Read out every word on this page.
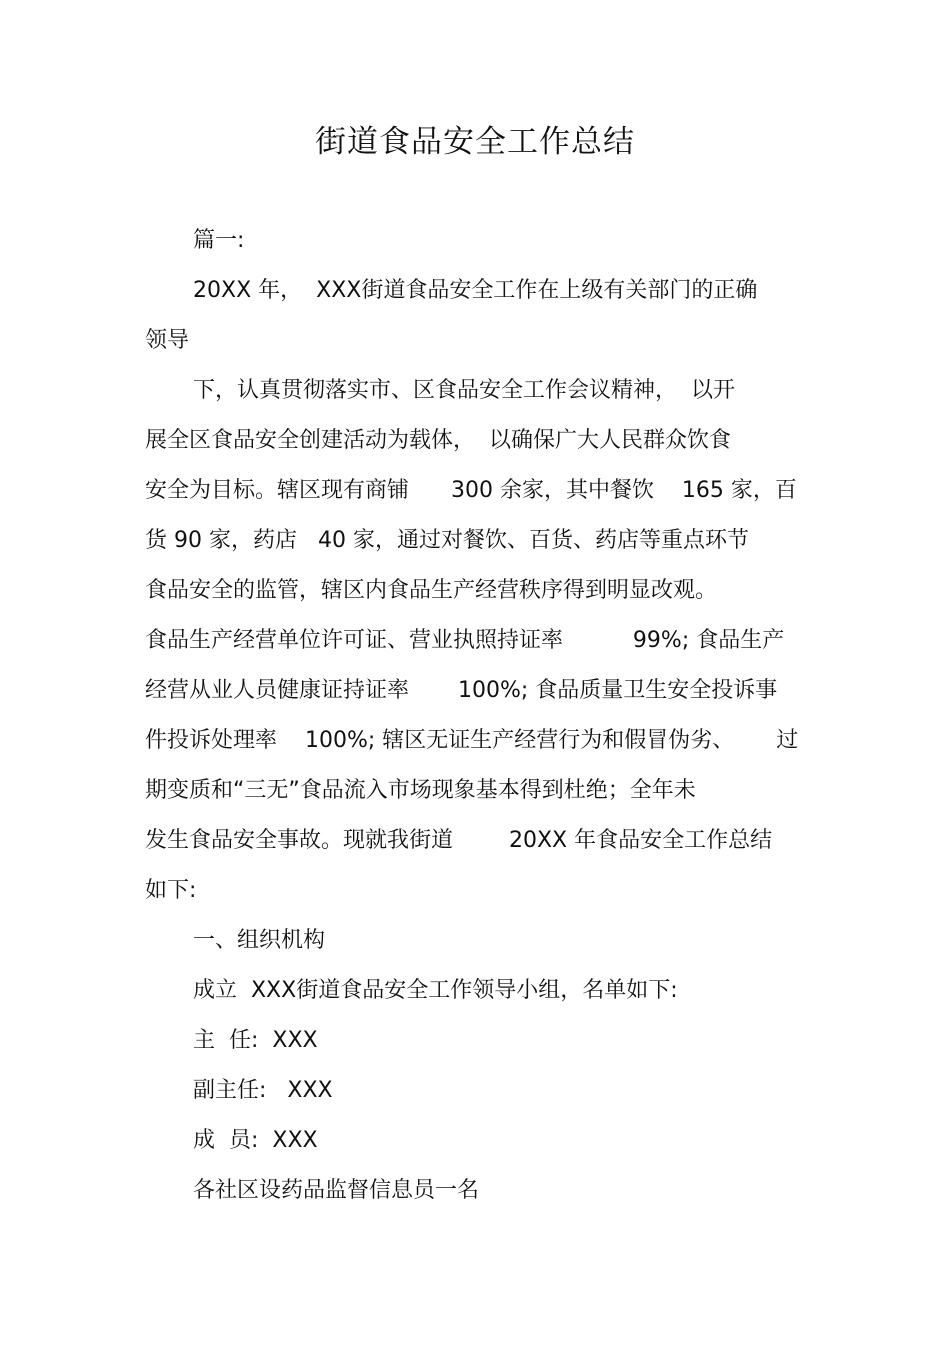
街道食品安全工作总结

篇一:

20XX 年，  XXX街道食品安全工作在上级有关部门的正确

领导

下，认真贯彻落实市、区食品安全工作会议精神，  以开

展全区食品安全创建活动为载体，  以确保广大人民群众饮食

安全为目标。辖区现有商铺      300 余家，其中餐饮    165 家，百

货 90 家，药店   40 家，通过对餐饮、百货、药店等重点环节

食品安全的监管，辖区内食品生产经营秩序得到明显改观。

食品生产经营单位许可证、营业执照持证率          99%; 食品生产

经营从业人员健康证持证率       100%; 食品质量卫生安全投诉事

件投诉处理率    100%; 辖区无证生产经营行为和假冒伪劣、      过

期变质和“三无”食品流入市场现象基本得到杜绝；全年未

发生食品安全事故。现就我街道        20XX 年食品安全工作总结

如下:

一、组织机构

成立  XXX街道食品安全工作领导小组，名单如下:

主  任:  XXX

副主任:   XXX

成  员:  XXX

各社区设药品监督信息员一名
